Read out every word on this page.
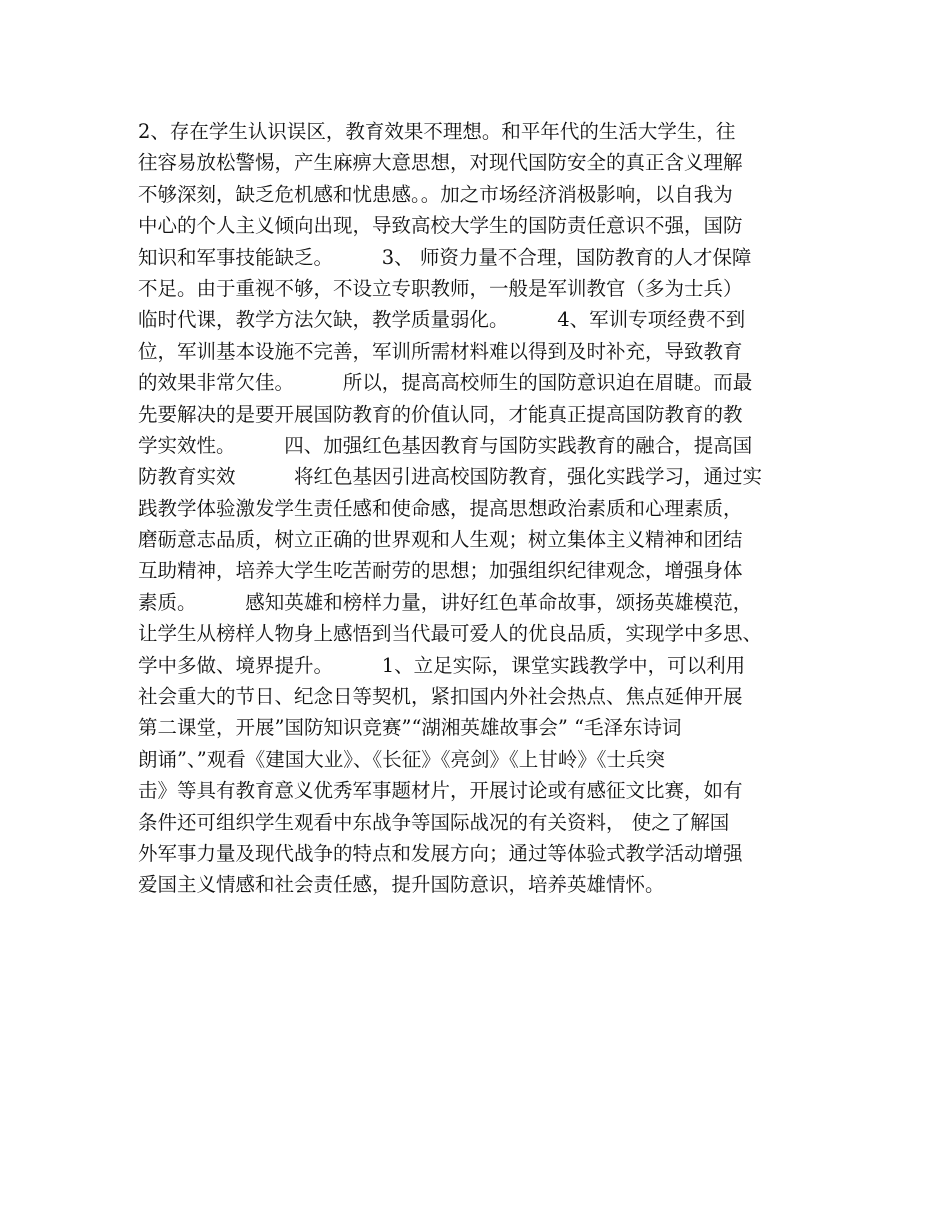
2、存在学生认识误区，教育效果不理想。和平年代的生活大学生，往
往容易放松警惕，产生麻痹大意思想，对现代国防安全的真正含义理解
不够深刻，缺乏危机感和忧患感。。加之市场经济消极影响，以自我为
中心的个人主义倾向出现，导致高校大学生的国防责任意识不强，国防
知识和军事技能缺乏。　　　3、 师资力量不合理，国防教育的人才保障
不足。由于重视不够，不设立专职教师，一般是军训教官（多为士兵）
临时代课，教学方法欠缺，教学质量弱化。　　　4、军训专项经费不到
位，军训基本设施不完善，军训所需材料难以得到及时补充，导致教育
的效果非常欠佳。　　　所以，提高高校师生的国防意识迫在眉睫。而最
先要解决的是要开展国防教育的价值认同，才能真正提高国防教育的教
学实效性。　　　四、加强红色基因教育与国防实践教育的融合，提高国
防教育实效　　　将红色基因引进高校国防教育，强化实践学习，通过实
践教学体验激发学生责任感和使命感，提高思想政治素质和心理素质，
磨砺意志品质，树立正确的世界观和人生观；树立集体主义精神和团结
互助精神，培养大学生吃苦耐劳的思想；加强组织纪律观念，增强身体
素质。　　　感知英雄和榜样力量，讲好红色革命故事，颂扬英雄模范，
让学生从榜样人物身上感悟到当代最可爱人的优良品质，实现学中多思、
学中多做、境界提升。　　　1、立足实际，课堂实践教学中，可以利用
社会重大的节日、纪念日等契机，紧扣国内外社会热点、焦点延伸开展
第二课堂，开展”国防知识竞赛”“湖湘英雄故事会” “毛泽东诗词
朗诵”、”观看《建国大业》、《长征》《亮剑》《上甘岭》《士兵突
击》等具有教育意义优秀军事题材片，开展讨论或有感征文比赛，如有
条件还可组织学生观看中东战争等国际战况的有关资料， 使之了解国
外军事力量及现代战争的特点和发展方向；通过等体验式教学活动增强
爱国主义情感和社会责任感，提升国防意识，培养英雄情怀。
